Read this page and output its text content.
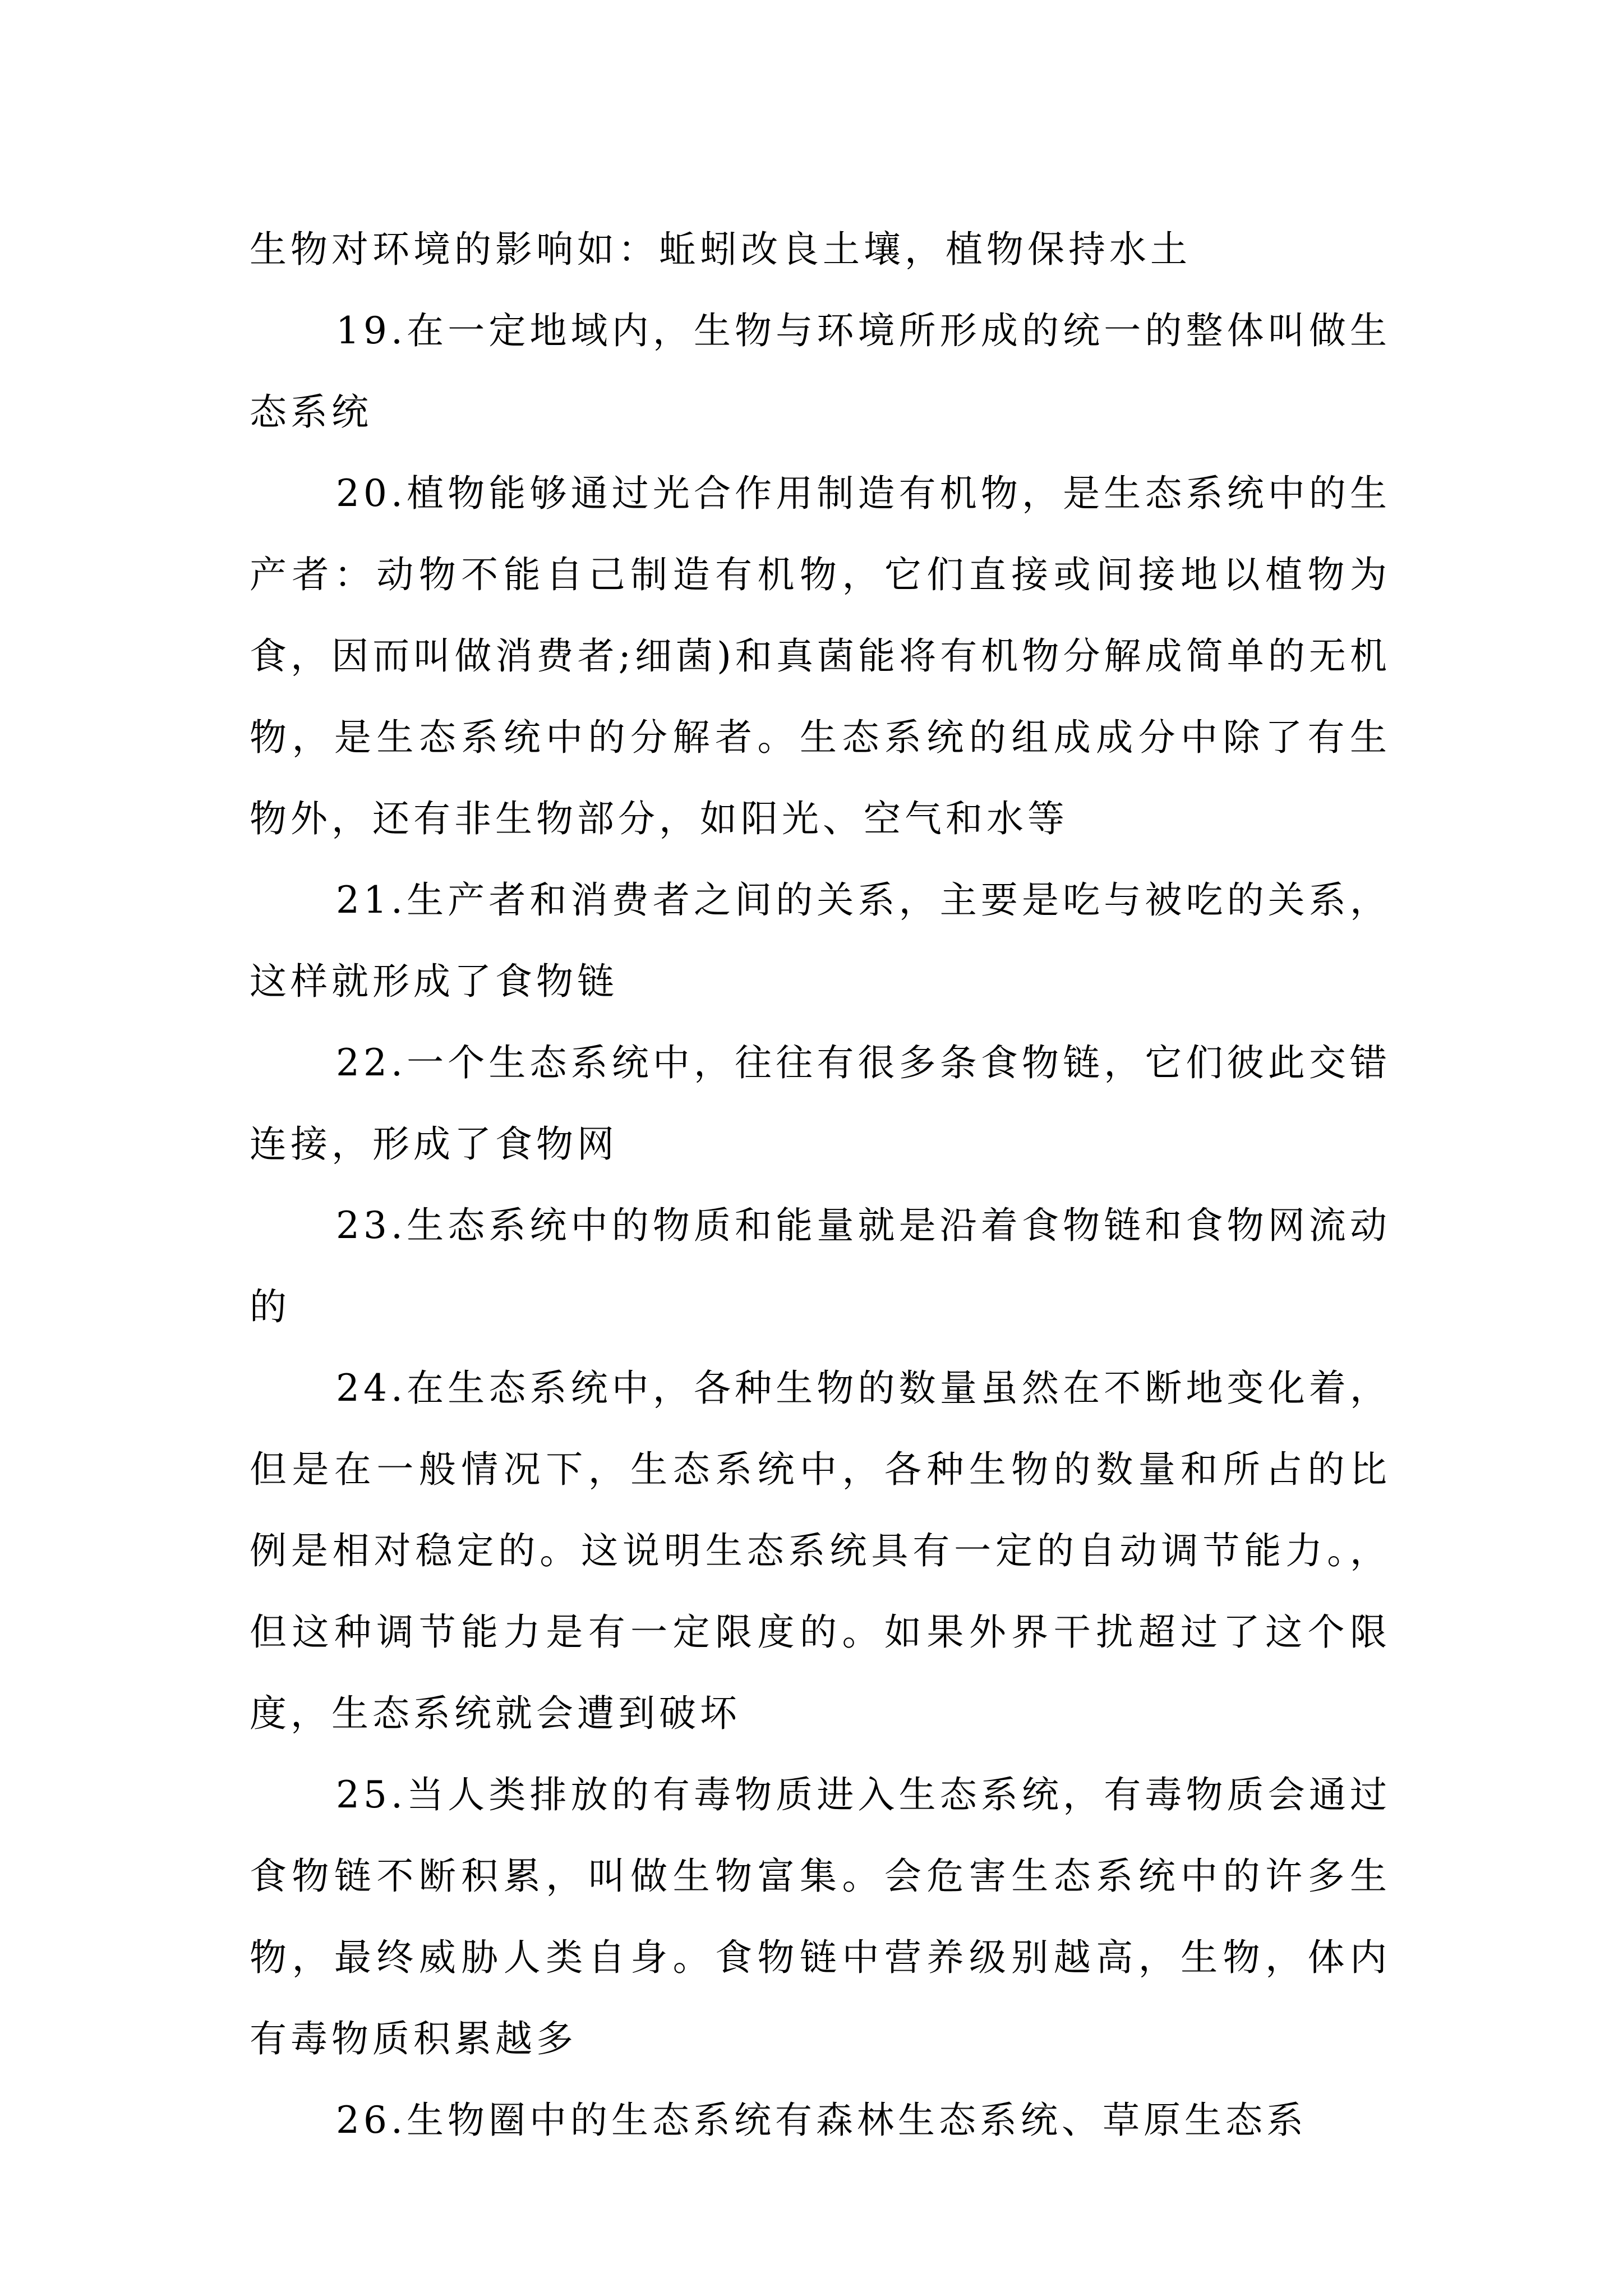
生物对环境的影响如：蚯蚓改良土壤，植物保持水土

19.在一定地域内，生物与环境所形成的统一的整体叫做生态系统

20.植物能够通过光合作用制造有机物，是生态系统中的生产者：动物不能自己制造有机物，它们直接或间接地以植物为食，因而叫做消费者;细菌)和真菌能将有机物分解成简单的无机物，是生态系统中的分解者。生态系统的组成成分中除了有生物外，还有非生物部分，如阳光、空气和水等

21.生产者和消费者之间的关系，主要是吃与被吃的关系，这样就形成了食物链

22.一个生态系统中，往往有很多条食物链，它们彼此交错连接，形成了食物网

23.生态系统中的物质和能量就是沿着食物链和食物网流动的

24.在生态系统中，各种生物的数量虽然在不断地变化着，但是在一般情况下，生态系统中，各种生物的数量和所占的比例是相对稳定的。这说明生态系统具有一定的自动调节能力。，但这种调节能力是有一定限度的。如果外界干扰超过了这个限度，生态系统就会遭到破坏

25.当人类排放的有毒物质进入生态系统，有毒物质会通过食物链不断积累，叫做生物富集。会危害生态系统中的许多生物，最终威胁人类自身。食物链中营养级别越高，生物，体内有毒物质积累越多

26.生物圈中的生态系统有森林生态系统、草原生态系
